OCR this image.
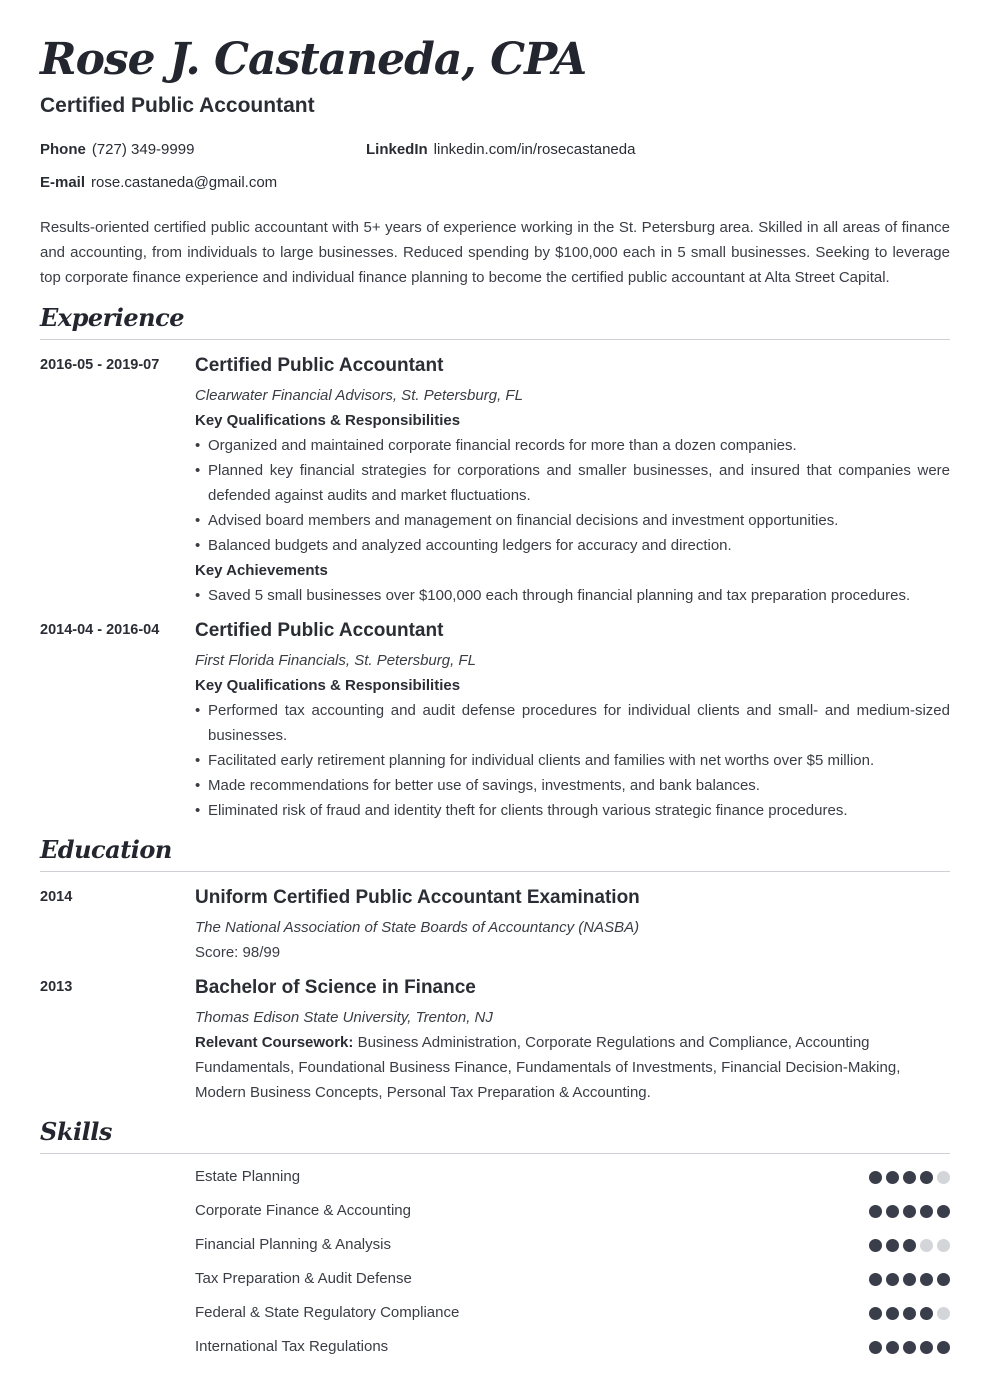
Rose J. Castaneda, CPA
Certified Public Accountant
Phone (727) 349-9999	LinkedIn linkedin.com/in/rosecastaneda
E-mail rose.castaneda@gmail.com

Results-oriented certified public accountant with 5+ years of experience working in the St. Petersburg area. Skilled in all areas of finance and accounting, from individuals to large businesses. Reduced spending by $100,000 each in 5 small businesses. Seeking to leverage top corporate finance experience and individual finance planning to become the certified public accountant at Alta Street Capital.

Experience
2016-05 - 2019-07 Certified Public Accountant
Clearwater Financial Advisors, St. Petersburg, FL
Key Qualifications & Responsibilities
• Organized and maintained corporate financial records for more than a dozen companies.
• Planned key financial strategies for corporations and smaller businesses, and insured that companies were defended against audits and market fluctuations.
• Advised board members and management on financial decisions and investment opportunities.
• Balanced budgets and analyzed accounting ledgers for accuracy and direction.
Key Achievements
• Saved 5 small businesses over $100,000 each through financial planning and tax preparation procedures.
2014-04 - 2016-04 Certified Public Accountant
First Florida Financials, St. Petersburg, FL
Key Qualifications & Responsibilities
• Performed tax accounting and audit defense procedures for individual clients and small- and medium-sized businesses.
• Facilitated early retirement planning for individual clients and families with net worths over $5 million.
• Made recommendations for better use of savings, investments, and bank balances.
• Eliminated risk of fraud and identity theft for clients through various strategic finance procedures.
Education
2014	Uniform Certified Public Accountant Examination
The National Association of State Boards of Accountancy (NASBA)
Score: 98/99
2013	Bachelor of Science in Finance
Thomas Edison State University, Trenton, NJ
Relevant Coursework: Business Administration, Corporate Regulations and Compliance, Accounting Fundamentals, Foundational Business Finance, Fundamentals of Investments, Financial Decision-Making, Modern Business Concepts, Personal Tax Preparation & Accounting.
Skills
Estate Planning
Corporate Finance & Accounting
Financial Planning & Analysis
Tax Preparation & Audit Defense
Federal & State Regulatory Compliance
International Tax Regulations
